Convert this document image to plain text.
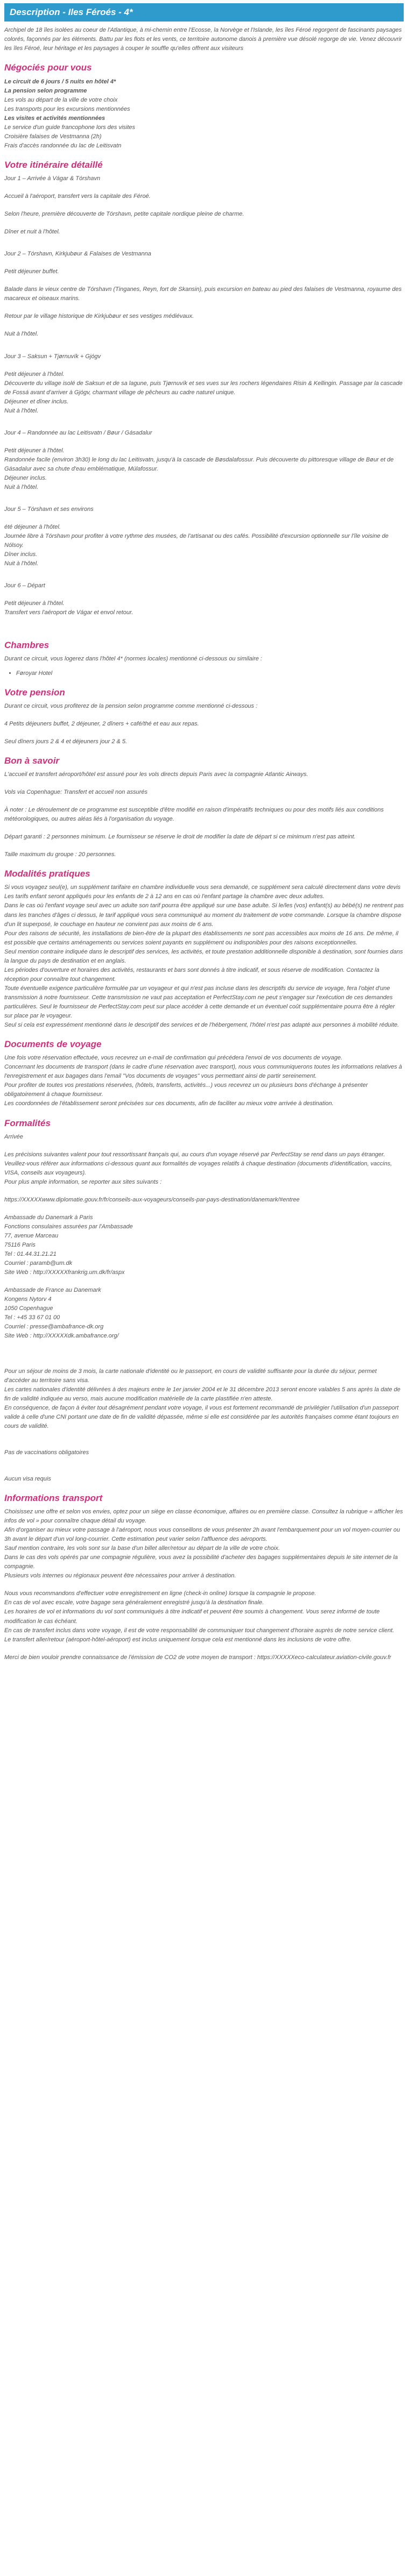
Description - Iles Féroés - 4*

Archipel de 18 îles isolées au coeur de l'Atlantique, à mi-chemin entre l'Ecosse, la Norvège et l'Islande, les îles Féroé regorgent de fascinants paysages colorés, façonnés par les éléments. Battu par les flots et les vents, ce territoire autonome danois à première vue désolé regorge de vie. Venez découvrir les îles Féroé, leur héritage et les paysages à couper le souffle qu'elles offrent aux visiteurs

Négociés pour vous
Le circuit de 6 jours / 5 nuits en hôtel 4*
La pension selon programme
Les vols au départ de la ville de votre choix
Les transports pour les excursions mentionnées
Les visites et activités mentionnées
Le service d'un guide francophone lors des visites
Croisière falaises de Vestmanna (2h)
Frais d'accès randonnée du lac de Leitisvatn
Votre itinéraire détaillé
Jour 1 – Arrivée à Vágar & Tórshavn
Accueil à l'aéroport, transfert vers la capitale des Féroé.
Selon l'heure, première découverte de Tórshavn, petite capitale nordique pleine de charme.
Dîner et nuit à l'hôtel.
Jour 2 – Tórshavn, Kirkjubøur & Falaises de Vestmanna
Petit déjeuner buffet.
Balade dans le vieux centre de Tórshavn (Tinganes, Reyn, fort de Skansin), puis excursion en bateau au pied des falaises de Vestmanna, royaume des macareux et oiseaux marins.
Retour par le village historique de Kirkjubøur et ses vestiges médiévaux.
Nuit à l'hôtel.
Jour 3 – Saksun + Tjørnuvík + Gjógv
Petit déjeuner à l'hôtel.
Découverte du village isolé de Saksun et de sa lagune, puis Tjørnuvík et ses vues sur les rochers légendaires Risin & Kellingin. Passage par la cascade de Fossá avant d'arriver à Gjógv, charmant village de pêcheurs au cadre naturel unique.
Déjeuner et dîner inclus.
Nuit à l'hôtel.
Jour 4 – Randonnée au lac Leitisvatn / Bøur / Gásadalur
Petit déjeuner à l'hôtel.
Randonnée facile (environ 3h30) le long du lac Leitisvatn, jusqu'à la cascade de Bøsdalafossur. Puis découverte du pittoresque village de Bøur et de Gásadalur avec sa chute d'eau emblématique, Múlafossur.
Déjeuner inclus.
Nuit à l'hôtel.
Jour 5 – Tórshavn et ses environs
été déjeuner à l'hôtel.
Journée libre à Tórshavn pour profiter à votre rythme des musées, de l'artisanat ou des cafés. Possibilité d'excursion optionnelle sur l'île voisine de Nólsoy.
Dîner inclus.
Nuit à l'hôtel.
Jour 6 – Départ
Petit déjeuner à l'hôtel.
Transfert vers l'aéroport de Vágar et envol retour.
Chambres

Durant ce circuit, vous logerez dans l'hôtel 4* (normes locales) mentionné ci-dessous ou similaire :

• Føroyar Hotel
Votre pension
Durant ce circuit, vous profiterez de la pension selon programme comme mentionné ci-dessous :
4 Petits déjeuners buffet, 2 déjeuner, 2 dîners + café/thé et eau aux repas.
Seul dîners jours 2 & 4 et déjeuners jour 2 & 5.
Bon à savoir
L'accueil et transfert aéroport/hôtel est assuré pour les vols directs depuis Paris avec la compagnie Atlantic Airways.
Vols via Copenhague: Transfert et accueil non assurés
À noter : Le déroulement de ce programme est susceptible d'être modifié en raison d'impératifs techniques ou pour des motifs liés aux conditions météorologiques, ou autres aléas liés à l'organisation du voyage.
Départ garanti : 2 personnes minimum. Le fournisseur se réserve le droit de modifier la date de départ si ce minimum n'est pas atteint.
Taille maximum du groupe : 20 personnes.
Modalités pratiques
Si vous voyagez seul(e), un supplément tarifaire en chambre individuelle vous sera demandé, ce supplément sera calculé directement dans votre devis
Les tarifs enfant seront appliqués pour les enfants de 2 à 12 ans en cas où l'enfant partage la chambre avec deux adultes.
Dans le cas où l'enfant voyage seul avec un adulte son tarif pourra être appliqué sur une base adulte. Si le/les (vos) enfant(s) au bébé(s) ne rentrent pas dans les tranches d'âges ci dessus, le tarif appliqué vous sera communiqué au moment du traitement de votre commande. Lorsque la chambre dispose d'un lit superposé, le couchage en hauteur ne convient pas aux moins de 6 ans.
Pour des raisons de sécurité, les installations de bien-être de la plupart des établissements ne sont pas accessibles aux moins de 16 ans. De même, il est possible que certains aménagements ou services soient payants en supplément ou indisponibles pour des raisons exceptionnelles.
Seul mention contraire indiquée dans le descriptif des services, les activités, et toute prestation additionnelle disponible à destination, sont fournies dans la langue du pays de destination et en anglais.
Les périodes d'ouverture et horaires des activités, restaurants et bars sont donnés à titre indicatif, et sous réserve de modification. Contactez la réception pour connaître tout changement.
Toute éventuelle exigence particulière formulée par un voyageur et qui n'est pas incluse dans les descriptifs du service de voyage, fera l'objet d'une transmission à notre fournisseur. Cette transmission ne vaut pas acceptation et PerfectStay.com ne peut s'engager sur l'exécution de ces demandes particulières. Seul le fournisseur de PerfectStay.com peut sur place accéder à cette demande et un éventuel coût supplémentaire pourra être à régler sur place par le voyageur.
Seul si cela est expressément mentionné dans le descriptif des services et de l'hébergement, l'hôtel n'est pas adapté aux personnes à mobilité réduite.
Documents de voyage
Une fois votre réservation effectuée, vous recevrez un e-mail de confirmation qui précédera l'envoi de vos documents de voyage.
Concernant les documents de transport (dans le cadre d'une réservation avec transport), nous vous communiquerons toutes les informations relatives à l'enregistrement et aux bagages dans l'email "Vos documents de voyages" vous permettant ainsi de partir sereinement.
Pour profiter de toutes vos prestations réservées, (hôtels, transferts, activités...) vous recevrez un ou plusieurs bons d'échange à présenter obligatoirement à chaque fournisseur.
Les coordonnées de l'établissement seront précisées sur ces documents, afin de faciliter au mieux votre arrivée à destination.
Formalités
Arrivée
Les précisions suivantes valent pour tout ressortissant français qui, au cours d'un voyage réservé par PerfectStay se rend dans un pays étranger.
Veuillez-vous référer aux informations ci-dessous quant aux formalités de voyages relatifs à chaque destination (documents d'identification, vaccins, VISA, conseils aux voyageurs).
Pour plus ample information, se reporter aux sites suivants :
https://XXXXXwww.diplomatie.gouv.fr/fr/conseils-aux-voyageurs/conseils-par-pays-destination/danemark/#entree
Ambassade du Danemark à Paris
Fonctions consulaires assurées par l'Ambassade
77, avenue Marceau
75116 Paris
Tel : 01.44.31.21.21
Courriel : paramb@um.dk
Site Web : http://XXXXXfrankrig.um.dk/fr/aspx
Ambassade de France au Danemark
Kongens Nytorv 4
1050 Copenhague
Tel : +45 33 67 01 00
Courriel : presse@ambafrance-dk.org
Site Web : http://XXXXXdk.ambafrance.org/
Pour un séjour de moins de 3 mois, la carte nationale d'identité ou le passeport, en cours de validité suffisante pour la durée du séjour, permet d'accéder au territoire sans visa.
Les cartes nationales d'identité délivrées à des majeurs entre le 1er janvier 2004 et le 31 décembre 2013 seront encore valables 5 ans après la date de fin de validité indiquée au verso, mais aucune modification matérielle de la carte plastifiée n'en atteste.
En conséquence, de façon à éviter tout désagrément pendant votre voyage, il vous est fortement recommandé de privilégier l'utilisation d'un passeport valide à celle d'une CNI portant une date de fin de validité dépassée, même si elle est considérée par les autorités françaises comme étant toujours en cours de validité.
Pas de vaccinations obligatoires
Aucun visa requis
Informations transport
Choisissez une offre et selon vos envies, optez pour un siège en classe économique, affaires ou en première classe. Consultez la rubrique « afficher les infos de vol » pour connaître chaque détail du voyage.
Afin d'organiser au mieux votre passage à l'aéroport, nous vous conseillons de vous présenter 2h avant l'embarquement pour un vol moyen-courrier ou 3h avant le départ d'un vol long-courrier. Cette estimation peut varier selon l'affluence des aéroports.
Sauf mention contraire, les vols sont sur la base d'un billet aller/retour au départ de la ville de votre choix.
Dans le cas des vols opérés par une compagnie régulière, vous avez la possibilité d'acheter des bagages supplémentaires depuis le site internet de la compagnie.
Plusieurs vols internes ou régionaux peuvent être nécessaires pour arriver à destination.
Nous vous recommandons d'effectuer votre enregistrement en ligne (check-in online) lorsque la compagnie le propose.
En cas de vol avec escale, votre bagage sera généralement enregistré jusqu'à la destination finale.
Les horaires de vol et informations du vol sont communiqués à titre indicatif et peuvent être soumis à changement. Vous serez informé de toute modification le cas échéant.
En cas de transfert inclus dans votre voyage, il est de votre responsabilité de communiquer tout changement d'horaire auprès de notre service client.
Le transfert aller/retour (aéroport-hôtel-aéroport) est inclus uniquement lorsque cela est mentionné dans les inclusions de votre offre.
Merci de bien vouloir prendre connaissance de l'émission de CO2 de votre moyen de transport : https://XXXXXeco-calculateur.aviation-civile.gouv.fr
